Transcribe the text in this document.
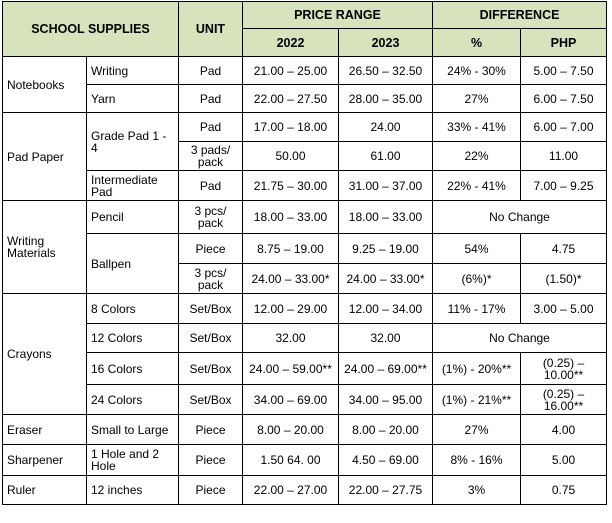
SCHOOL SUPPLIES		UNIT	PRICE RANGE		DIFFERENCE	
			2022	2023	%	PHP
Notebooks	Writing	Pad	21.00 – 25.00	26.50 – 32.50	24% - 30%	5.00 – 7.50
	Yarn	Pad	22.00 – 27.50	28.00 – 35.00	27%	6.00 – 7.50
Pad Paper	Grade Pad 1 - 4	Pad	17.00 – 18.00	24.00	33% - 41%	6.00 – 7.00
		3 pads/ pack	50.00	61.00	22%	11.00
	Intermediate Pad	Pad	21.75 – 30.00	31.00 – 37.00	22% - 41%	7.00 – 9.25
Writing Materials	Pencil	3 pcs/ pack	18.00 – 33.00	18.00 – 33.00	No Change	
	Ballpen	Piece	8.75 – 19.00	9.25 – 19.00	54%	4.75
		3 pcs/ pack	24.00 – 33.00*	24.00 – 33.00*	(6%)*	(1.50)*
Crayons	8 Colors	Set/Box	12.00 – 29.00	12.00 – 34.00	11% - 17%	3.00 – 5.00
	12 Colors	Set/Box	32.00	32.00	No Change	
	16 Colors	Set/Box	24.00 – 59.00**	24.00 – 69.00**	(1%) - 20%**	(0.25) – 10.00**
	24 Colors	Set/Box	34.00 – 69.00	34.00 – 95.00	(1%) - 21%**	(0.25) – 16.00**
Eraser	Small to Large	Piece	8.00 – 20.00	8.00 – 20.00	27%	4.00
Sharpener	1 Hole and 2 Hole	Piece	1.50 64. 00	4.50 – 69.00	8% - 16%	5.00
Ruler	12 inches	Piece	22.00 – 27.00	22.00 – 27.75	3%	0.75
